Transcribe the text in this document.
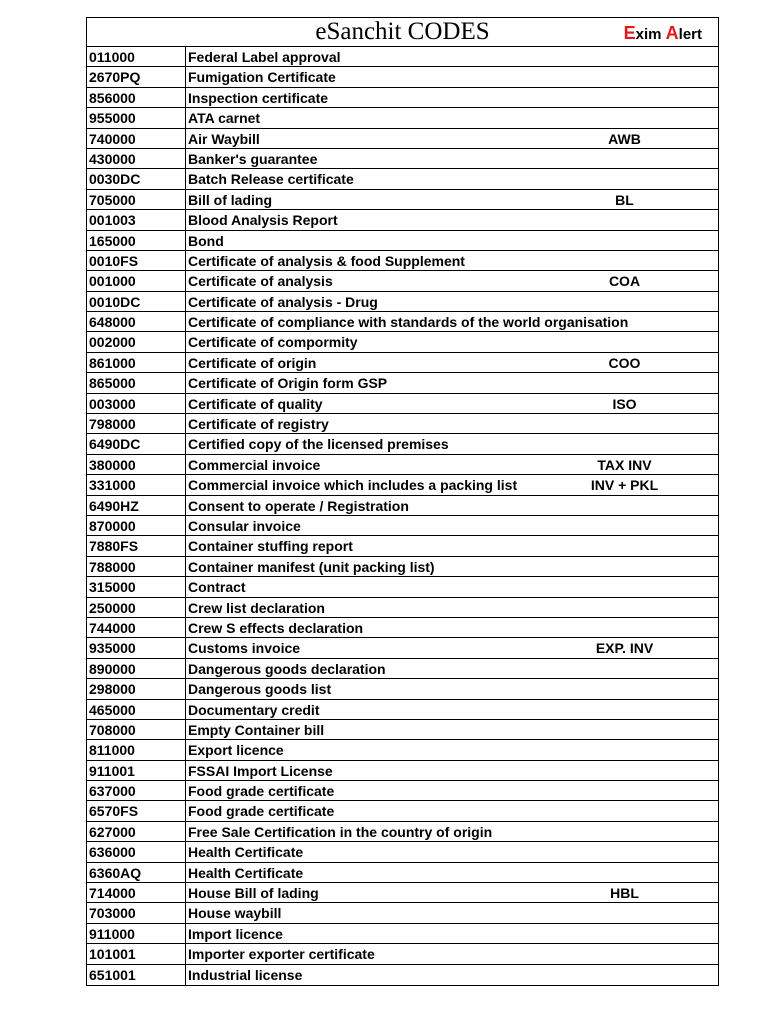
eSanchit CODES	Exim Alert
011000	Federal Label approval
2670PQ	Fumigation Certificate
856000	Inspection certificate
955000	ATA carnet
740000	Air Waybill	AWB
430000	Banker's guarantee
0030DC	Batch Release certificate
705000	Bill of lading	BL
001003	Blood Analysis Report
165000	Bond
0010FS	Certificate of analysis & food Supplement
001000	Certificate of analysis	COA
0010DC	Certificate of analysis - Drug
648000	Certificate of compliance with standards of the world organisation
002000	Certificate of compormity
861000	Certificate of origin	COO
865000	Certificate of Origin form GSP
003000	Certificate of quality	ISO
798000	Certificate of registry
6490DC	Certified copy of the licensed premises
380000	Commercial invoice	TAX INV
331000	Commercial invoice which includes a packing list	INV + PKL
6490HZ	Consent to operate / Registration
870000	Consular invoice
7880FS	Container stuffing report
788000	Container manifest (unit packing list)
315000	Contract
250000	Crew list declaration
744000	Crew S effects declaration
935000	Customs invoice	EXP. INV
890000	Dangerous goods declaration
298000	Dangerous goods list
465000	Documentary credit
708000	Empty Container bill
811000	Export licence
911001	FSSAI Import License
637000	Food grade certificate
6570FS	Food grade certificate
627000	Free Sale Certification in the country of origin
636000	Health Certificate
6360AQ	Health Certificate
714000	House Bill of lading	HBL
703000	House waybill
911000	Import licence
101001	Importer exporter certificate
651001	Industrial license
